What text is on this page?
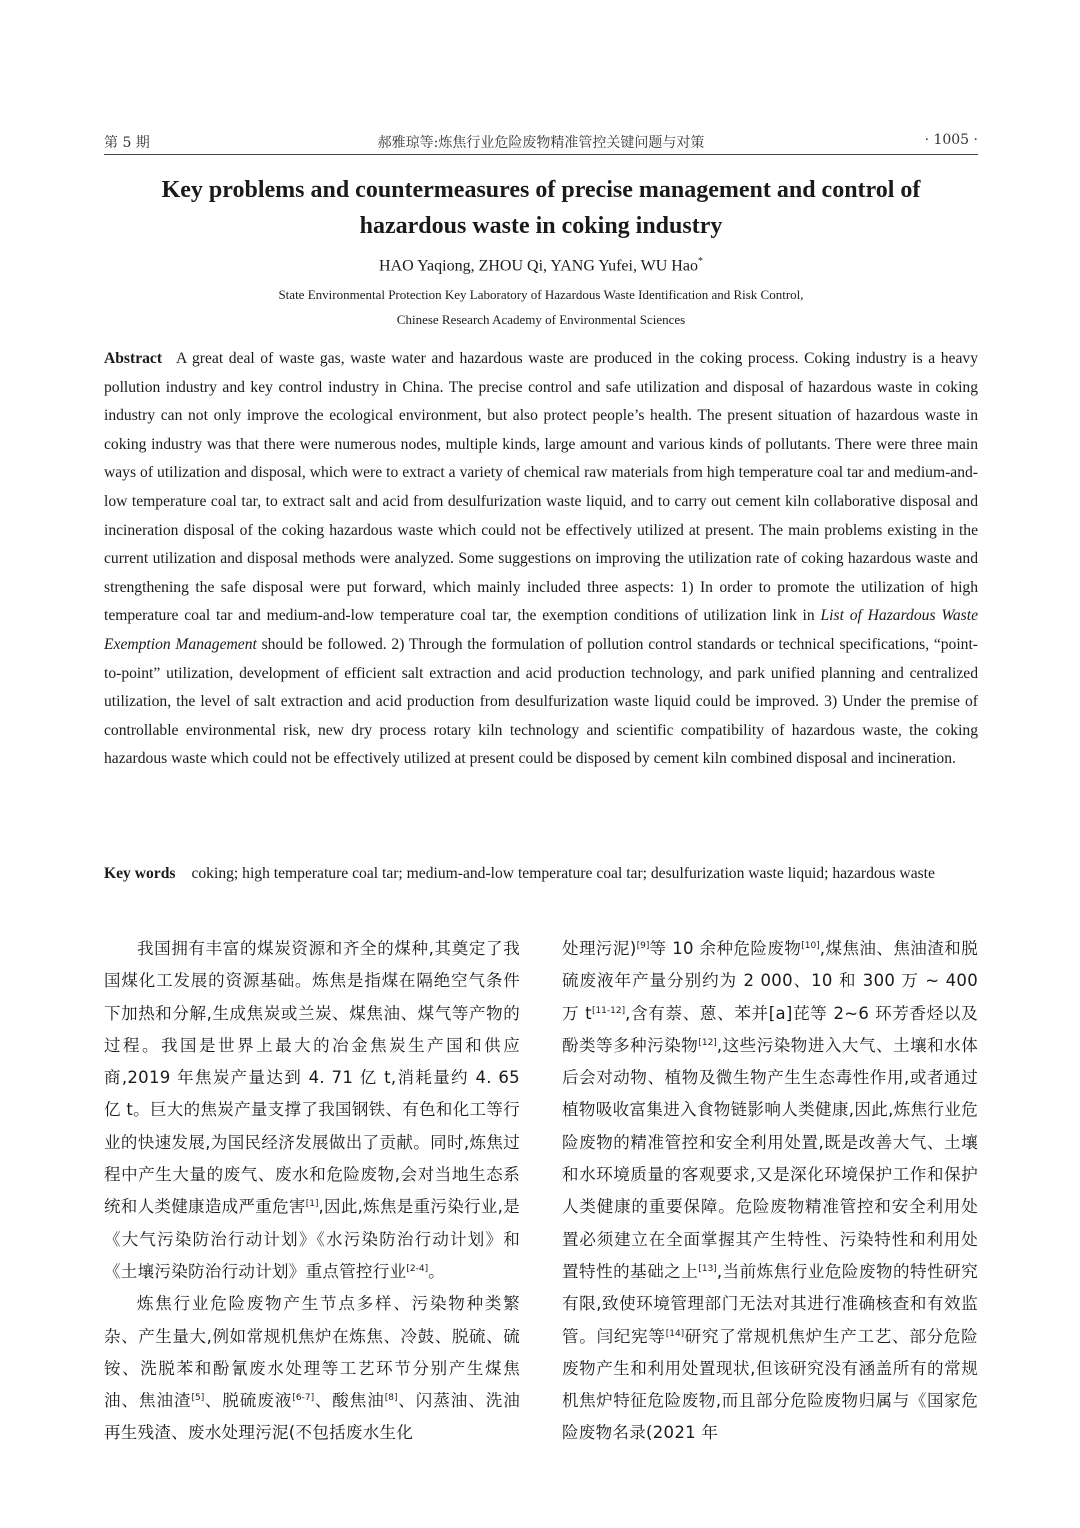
第 5 期	郝雅琼等:炼焦行业危险废物精准管控关键问题与对策	· 1005 ·
Key problems and countermeasures of precise management and control of
hazardous waste in coking industry
HAO Yaqiong, ZHOU Qi, YANG Yufei, WU Hao*
State Environmental Protection Key Laboratory of Hazardous Waste Identification and Risk Control,
Chinese Research Academy of Environmental Sciences
Abstract A great deal of waste gas, waste water and hazardous waste are produced in the coking process. Coking industry is a heavy pollution industry and key control industry in China. The precise control and safe utilization and disposal of hazardous waste in coking industry can not only improve the ecological environment, but also protect people’s health. The present situation of hazardous waste in coking industry was that there were numerous nodes, multiple kinds, large amount and various kinds of pollutants. There were three main ways of utilization and disposal, which were to extract a variety of chemical raw materials from high temperature coal tar and medium-and-low temperature coal tar, to extract salt and acid from desulfurization waste liquid, and to carry out cement kiln collaborative disposal and incineration disposal of the coking hazardous waste which could not be effectively utilized at present. The main problems existing in the current utilization and disposal methods were analyzed. Some suggestions on improving the utilization rate of coking hazardous waste and strengthening the safe disposal were put forward, which mainly included three aspects: 1) In order to promote the utilization of high temperature coal tar and medium-and-low temperature coal tar, the exemption conditions of utilization link in List of Hazardous Waste Exemption Management should be followed. 2) Through the formulation of pollution control standards or technical specifications, “point-to-point” utilization, development of efficient salt extraction and acid production technology, and park unified planning and centralized utilization, the level of salt extraction and acid production from desulfurization waste liquid could be improved. 3) Under the premise of controllable environmental risk, new dry process rotary kiln technology and scientific compatibility of hazardous waste, the coking hazardous waste which could not be effectively utilized at present could be disposed by cement kiln combined disposal and incineration.
Key words coking; high temperature coal tar; medium-and-low temperature coal tar; desulfurization waste liquid; hazardous waste

我国拥有丰富的煤炭资源和齐全的煤种,其奠定了我国煤化工发展的资源基础。炼焦是指煤在隔绝空气条件下加热和分解,生成焦炭或兰炭、煤焦油、煤气等产物的过程。我国是世界上最大的冶金焦炭生产国和供应商,2019 年焦炭产量达到 4. 71 亿 t,消耗量约 4. 65 亿 t。巨大的焦炭产量支撑了我国钢铁、有色和化工等行业的快速发展,为国民经济发展做出了贡献。同时,炼焦过程中产生大量的废气、废水和危险废物,会对当地生态系统和人类健康造成严重危害[1],因此,炼焦是重污染行业,是《大气污染防治行动计划》《水污染防治行动计划》和《土壤污染防治行动计划》重点管控行业[2-4]。

炼焦行业危险废物产生节点多样、污染物种类繁杂、产生量大,例如常规机焦炉在炼焦、冷鼓、脱硫、硫铵、洗脱苯和酚氰废水处理等工艺环节分别产生煤焦油、焦油渣[5]、脱硫废液[6-7]、酸焦油[8]、闪蒸油、洗油再生残渣、废水处理污泥(不包括废水生化

处理污泥)[9]等 10 余种危险废物[10],煤焦油、焦油渣和脱硫废液年产量分别约为 2 000、10 和 300 万 ~ 400 万 t[11-12],含有萘、蒽、苯并[a]芘等 2~6 环芳香烃以及酚类等多种污染物[12],这些污染物进入大气、土壤和水体后会对动物、植物及微生物产生生态毒性作用,或者通过植物吸收富集进入食物链影响人类健康,因此,炼焦行业危险废物的精准管控和安全利用处置,既是改善大气、土壤和水环境质量的客观要求,又是深化环境保护工作和保护人类健康的重要保障。危险废物精准管控和安全利用处置必须建立在全面掌握其产生特性、污染特性和利用处置特性的基础之上[13],当前炼焦行业危险废物的特性研究有限,致使环境管理部门无法对其进行准确核查和有效监管。闫纪宪等[14]研究了常规机焦炉生产工艺、部分危险废物产生和利用处置现状,但该研究没有涵盖所有的常规机焦炉特征危险废物,而且部分危险废物归属与《国家危险废物名录(2021 年
